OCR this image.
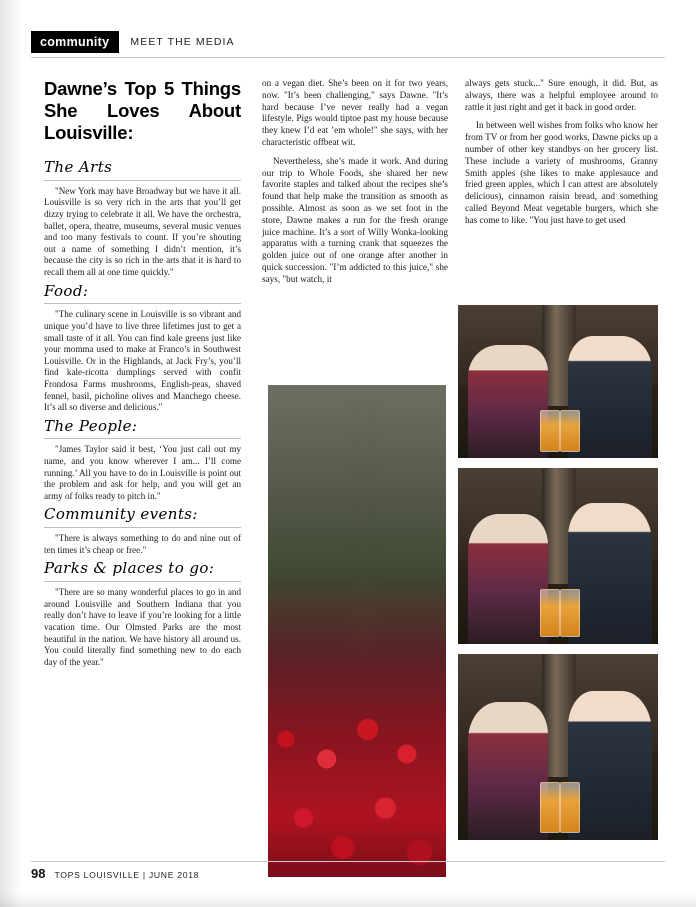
community	MEET THE MEDIA
Dawne’s Top 5 Things She Loves About Louisville:
The Arts

"New York may have Broadway but we have it all. Louisville is so very rich in the arts that you’ll get dizzy trying to celebrate it all. We have the orchestra, ballet, opera, theatre, museums, several music venues and too many festivals to count. If you’re shouting out a name of something I didn’t mention, it’s because the city is so rich in the arts that it is hard to recall them all at one time quickly."

Food:

"The culinary scene in Louisville is so vibrant and unique you’d have to live three lifetimes just to get a small taste of it all. You can find kale greens just like your momma used to make at Franco’s in Southwest Louisville. Or in the Highlands, at Jack Fry’s, you’ll find kale-ricotta dumplings served with confit Frondosa Farms mushrooms, English-peas, shaved fennel, basil, picholine olives and Manchego cheese. It’s all so diverse and delicious."

The People:

"James Taylor said it best, ‘You just call out my name, and you know wherever I am... I’ll come running.’ All you have to do in Louisville is point out the problem and ask for help, and you will get an army of folks ready to pitch in."

Community events:

"There is always something to do and nine out of ten times it’s cheap or free."

Parks & places to go:

"There are so many wonderful places to go in and around Louisville and Southern Indiana that you really don’t have to leave if you’re looking for a little vacation time. Our Olmsted Parks are the most beautiful in the nation. We have history all around us. You could literally find something new to do each day of the year."

on a vegan diet. She’s been on it for two years, now. "It’s been challenging," says Dawne. "It’s hard because I’ve never really had a vegan lifestyle. Pigs would tiptoe past my house because they knew I’d eat ’em whole!" she says, with her characteristic offbeat wit.

Nevertheless, she’s made it work. And during our trip to Whole Foods, she shared her new favorite staples and talked about the recipes she’s found that help make the transition as smooth as possible. Almost as soon as we set foot in the store, Dawne makes a run for the fresh orange juice machine. It’s a sort of Willy Wonka-looking apparatus with a turning crank that squeezes the golden juice out of one orange after another in quick succession. "I’m addicted to this juice," she says, "but watch, it

always gets stuck..." Sure enough, it did. But, as always, there was a helpful employee around to rattle it just right and get it back in good order.

In between well wishes from folks who know her from TV or from her good works, Dawne picks up a number of other key standbys on her grocery list. These include a variety of mushrooms, Granny Smith apples (she likes to make applesauce and fried green apples, which I can attest are absolutely delicious), cinnamon raisin bread, and something called Beyond Meat vegetable burgers, which she has come to like. "You just have to get used

98 TOPS LOUISVILLE | JUNE 2018
